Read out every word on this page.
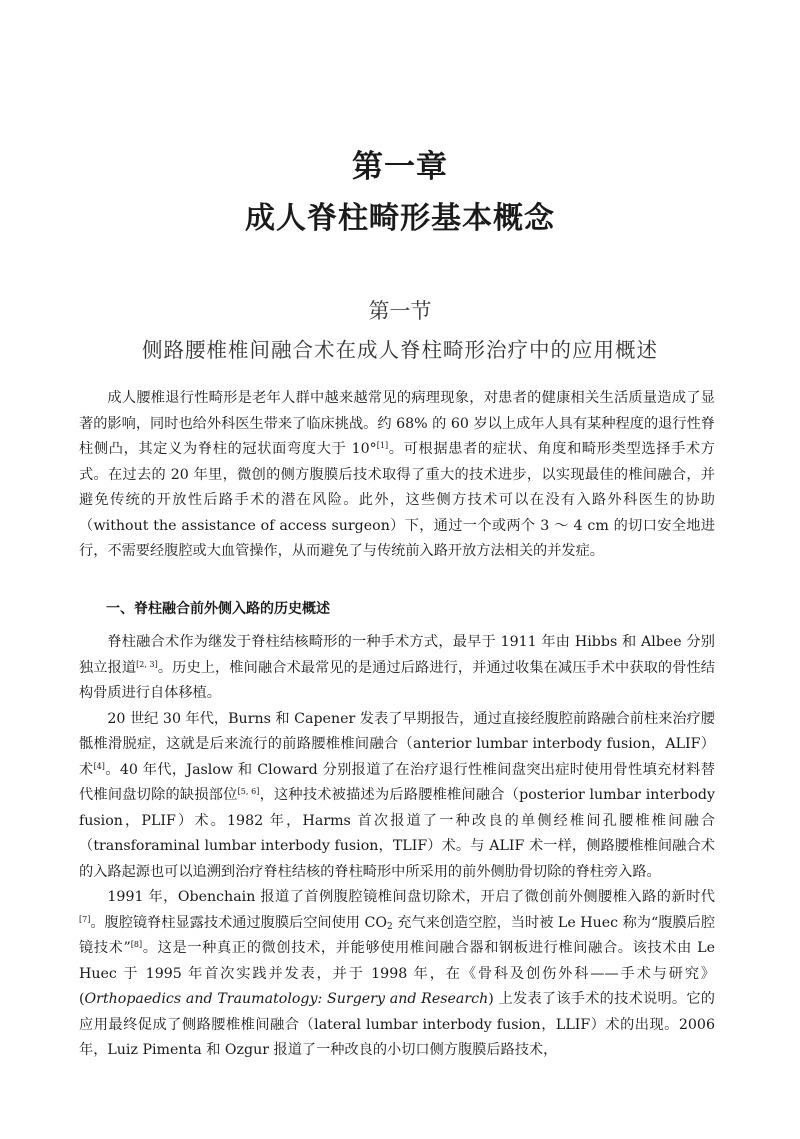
第一章
成人脊柱畸形基本概念
第一节
侧路腰椎椎间融合术在成人脊柱畸形治疗中的应用概述

成人腰椎退行性畸形是老年人群中越来越常见的病理现象，对患者的健康相关生活质量造成了显著的影响，同时也给外科医生带来了临床挑战。约 68% 的 60 岁以上成年人具有某种程度的退行性脊柱侧凸，其定义为脊柱的冠状面弯度大于 10°[1]。可根据患者的症状、角度和畸形类型选择手术方式。在过去的 20 年里，微创的侧方腹膜后技术取得了重大的技术进步，以实现最佳的椎间融合，并避免传统的开放性后路手术的潜在风险。此外，这些侧方技术可以在没有入路外科医生的协助（without the assistance of access surgeon）下，通过一个或两个 3 ～ 4 cm 的切口安全地进行，不需要经腹腔或大血管操作，从而避免了与传统前入路开放方法相关的并发症。

一、脊柱融合前外侧入路的历史概述

脊柱融合术作为继发于脊柱结核畸形的一种手术方式，最早于 1911 年由 Hibbs 和 Albee 分别独立报道[2, 3]。历史上，椎间融合术最常见的是通过后路进行，并通过收集在减压手术中获取的骨性结构骨质进行自体移植。

20 世纪 30 年代，Burns 和 Capener 发表了早期报告，通过直接经腹腔前路融合前柱来治疗腰骶椎滑脱症，这就是后来流行的前路腰椎椎间融合（anterior lumbar interbody fusion，ALIF）术[4]。40 年代，Jaslow 和 Cloward 分别报道了在治疗退行性椎间盘突出症时使用骨性填充材料替代椎间盘切除的缺损部位[5, 6]，这种技术被描述为后路腰椎椎间融合（posterior lumbar interbody fusion，PLIF）术。1982 年，Harms 首次报道了一种改良的单侧经椎间孔腰椎椎间融合（transforaminal lumbar interbody fusion，TLIF）术。与 ALIF 术一样，侧路腰椎椎间融合术的入路起源也可以追溯到治疗脊柱结核的脊柱畸形中所采用的前外侧肋骨切除的脊柱旁入路。

1991 年，Obenchain 报道了首例腹腔镜椎间盘切除术，开启了微创前外侧腰椎入路的新时代[7]。腹腔镜脊柱显露技术通过腹膜后空间使用 $CO_2$ 充气来创造空腔，当时被 Le Huec 称为“腹膜后腔镜技术”[8]。这是一种真正的微创技术，并能够使用椎间融合器和钢板进行椎间融合。该技术由 Le Huec 于 1995 年首次实践并发表，并于 1998 年，在《骨科及创伤外科——手术与研究》(Orthopaedics and Traumatology: Surgery and Research) 上发表了该手术的技术说明。它的应用最终促成了侧路腰椎椎间融合（lateral lumbar interbody fusion，LLIF）术的出现。2006 年，Luiz Pimenta 和 Ozgur 报道了一种改良的小切口侧方腹膜后路技术，
